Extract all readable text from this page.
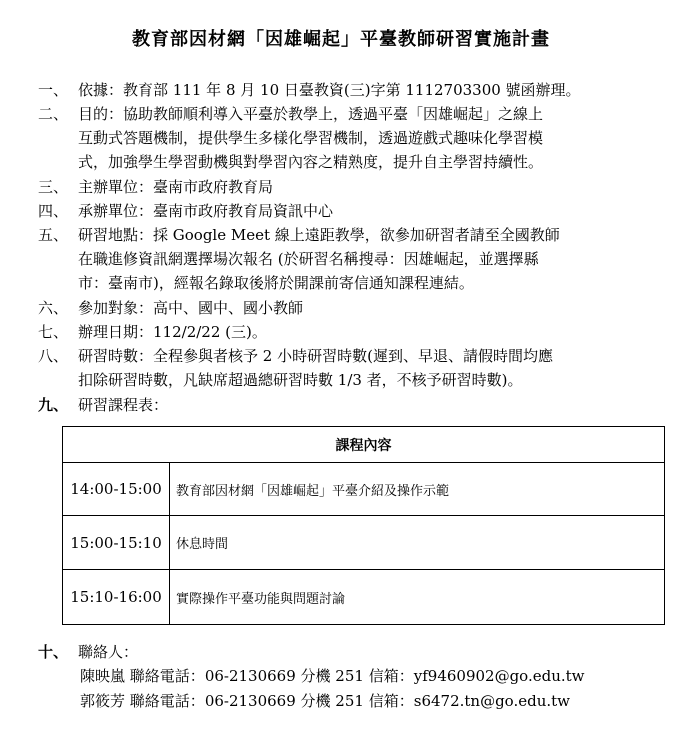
教育部因材網「因雄崛起」平臺教師研習實施計畫
一、 依據：教育部 111 年 8 月 10 日臺教資(三)字第 1112703300 號函辦理。
二、 目的：協助教師順利導入平臺於教學上，透過平臺「因雄崛起」之線上
互動式答題機制，提供學生多樣化學習機制，透過遊戲式趣味化學習模
式，加強學生學習動機與對學習內容之精熟度，提升自主學習持續性。
三、 主辦單位：臺南市政府教育局
四、 承辦單位：臺南市政府教育局資訊中心
五、 研習地點：採 Google Meet 線上遠距教學，欲參加研習者請至全國教師
在職進修資訊網選擇場次報名 (於研習名稱搜尋：因雄崛起，並選擇縣
市：臺南市)，經報名錄取後將於開課前寄信通知課程連結。
六、 參加對象：高中、國中、國小教師
七、 辦理日期：112/2/22 (三)。
八、 研習時數：全程參與者核予 2 小時研習時數(遲到、早退、請假時間均應
扣除研習時數，凡缺席超過總研習時數 1/3 者，不核予研習時數)。
九、 研習課程表：
課程內容	
14:00-15:00	教育部因材網「因雄崛起」平臺介紹及操作示範
15:00-15:10	休息時間
15:10-16:00	實際操作平臺功能與問題討論
十、 聯絡人：
陳映嵐 聯絡電話：06-2130669 分機 251 信箱：yf9460902@go.edu.tw
郭筱芳 聯絡電話：06-2130669 分機 251 信箱：s6472.tn@go.edu.tw
